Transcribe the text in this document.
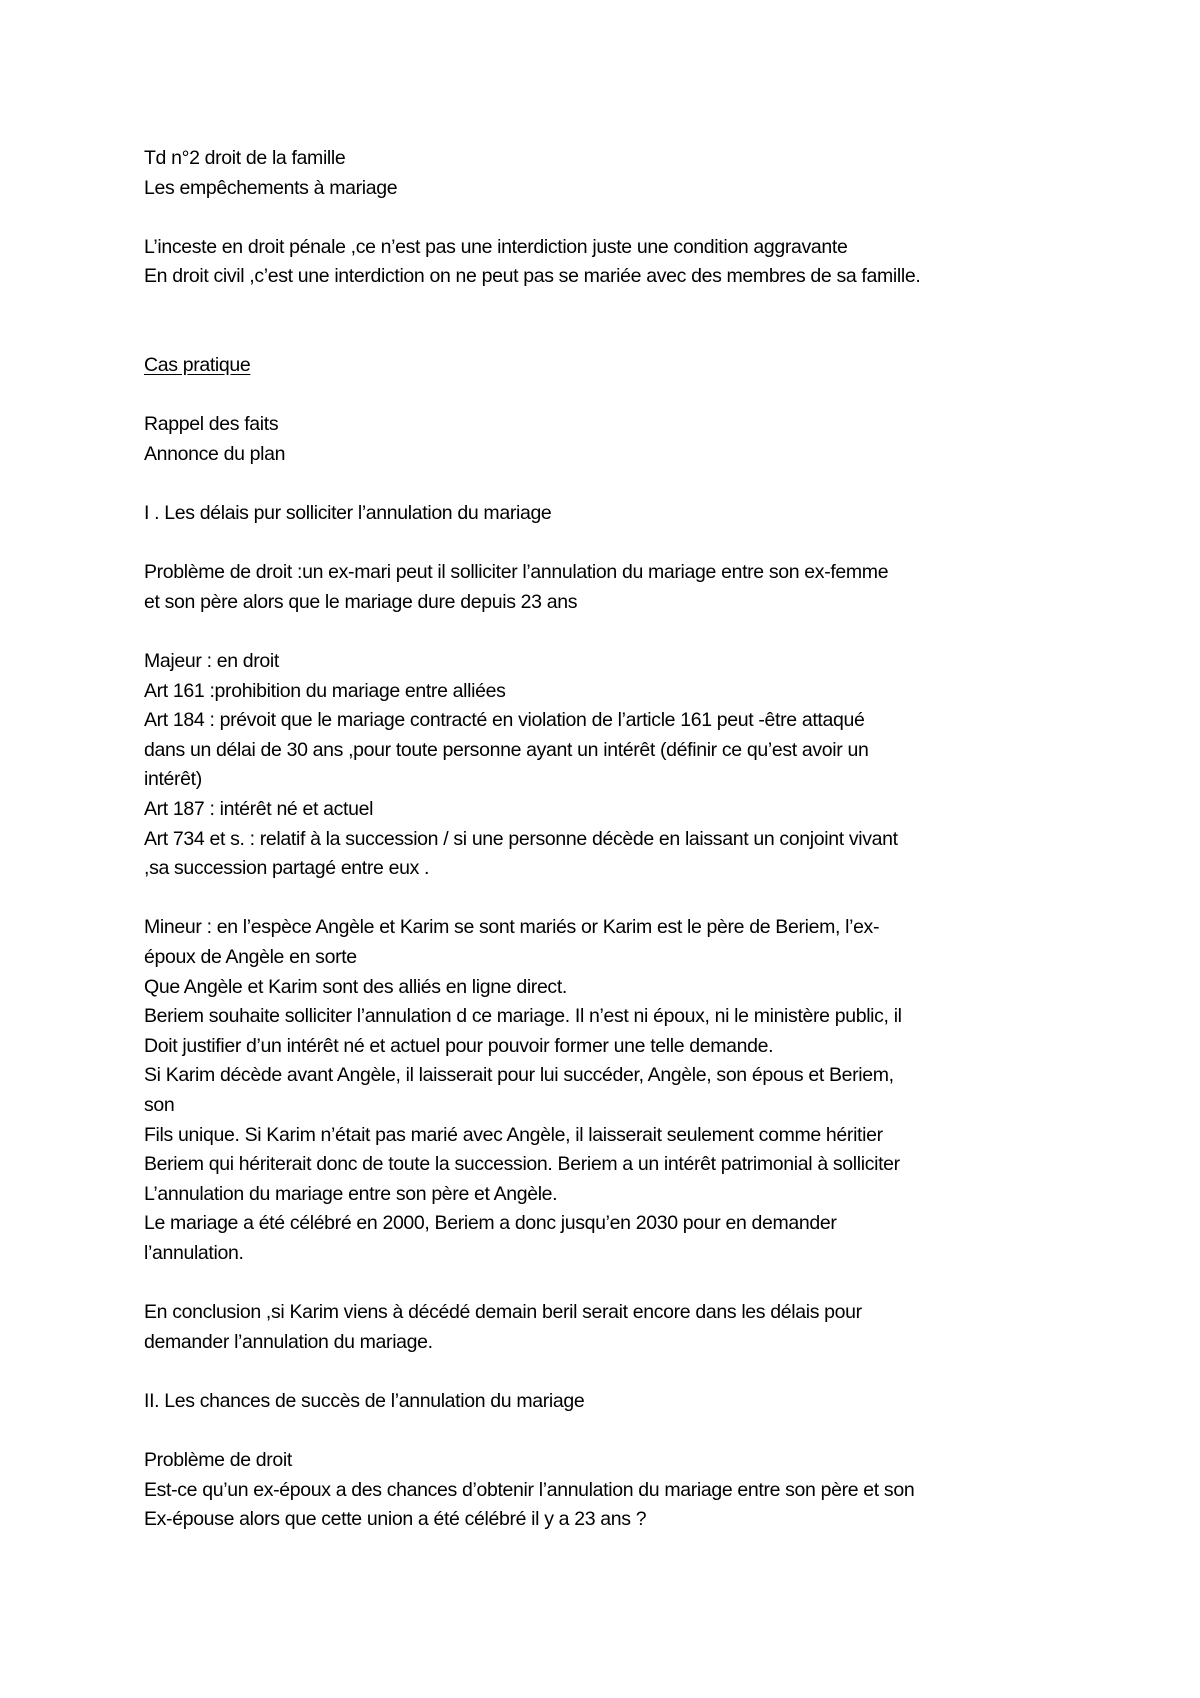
Td n°2 droit de la famille
Les empêchements à mariage
L’inceste en droit pénale ,ce n’est pas une interdiction juste une condition aggravante
En droit civil ,c’est une interdiction on ne peut pas se mariée avec des membres de sa famille.
Cas pratique
Rappel des faits
Annonce du plan
I . Les délais pur solliciter l’annulation du mariage
Problème de droit :un ex-mari peut il solliciter l’annulation du mariage entre son ex-femme
et son père alors que le mariage dure depuis 23 ans
Majeur : en droit
Art 161 :prohibition du mariage entre alliées
Art 184 : prévoit que le mariage contracté en violation de l’article 161 peut -être attaqué
dans un délai de 30 ans ,pour toute personne ayant un intérêt (définir ce qu’est avoir un
intérêt)
Art 187 : intérêt né et actuel
Art 734 et s. : relatif à la succession / si une personne décède en laissant un conjoint vivant
,sa succession partagé entre eux .
Mineur : en l’espèce Angèle et Karim se sont mariés or Karim est le père de Beriem, l’ex-
époux de Angèle en sorte
Que Angèle et Karim sont des alliés en ligne direct.
Beriem souhaite solliciter l’annulation d ce mariage. Il n’est ni époux, ni le ministère public, il
Doit justifier d’un intérêt né et actuel pour pouvoir former une telle demande.
Si Karim décède avant Angèle, il laisserait pour lui succéder, Angèle, son épous et Beriem,
son
Fils unique. Si Karim n’était pas marié avec Angèle, il laisserait seulement comme héritier
Beriem qui hériterait donc de toute la succession. Beriem a un intérêt patrimonial à solliciter
L’annulation du mariage entre son père et Angèle.
Le mariage a été célébré en 2000, Beriem a donc jusqu’en 2030 pour en demander
l’annulation.
En conclusion ,si Karim viens à décédé demain beril serait encore dans les délais pour
demander l’annulation du mariage.
II. Les chances de succès de l’annulation du mariage
Problème de droit
Est-ce qu’un ex-époux a des chances d’obtenir l’annulation du mariage entre son père et son
Ex-épouse alors que cette union a été célébré il y a 23 ans ?
